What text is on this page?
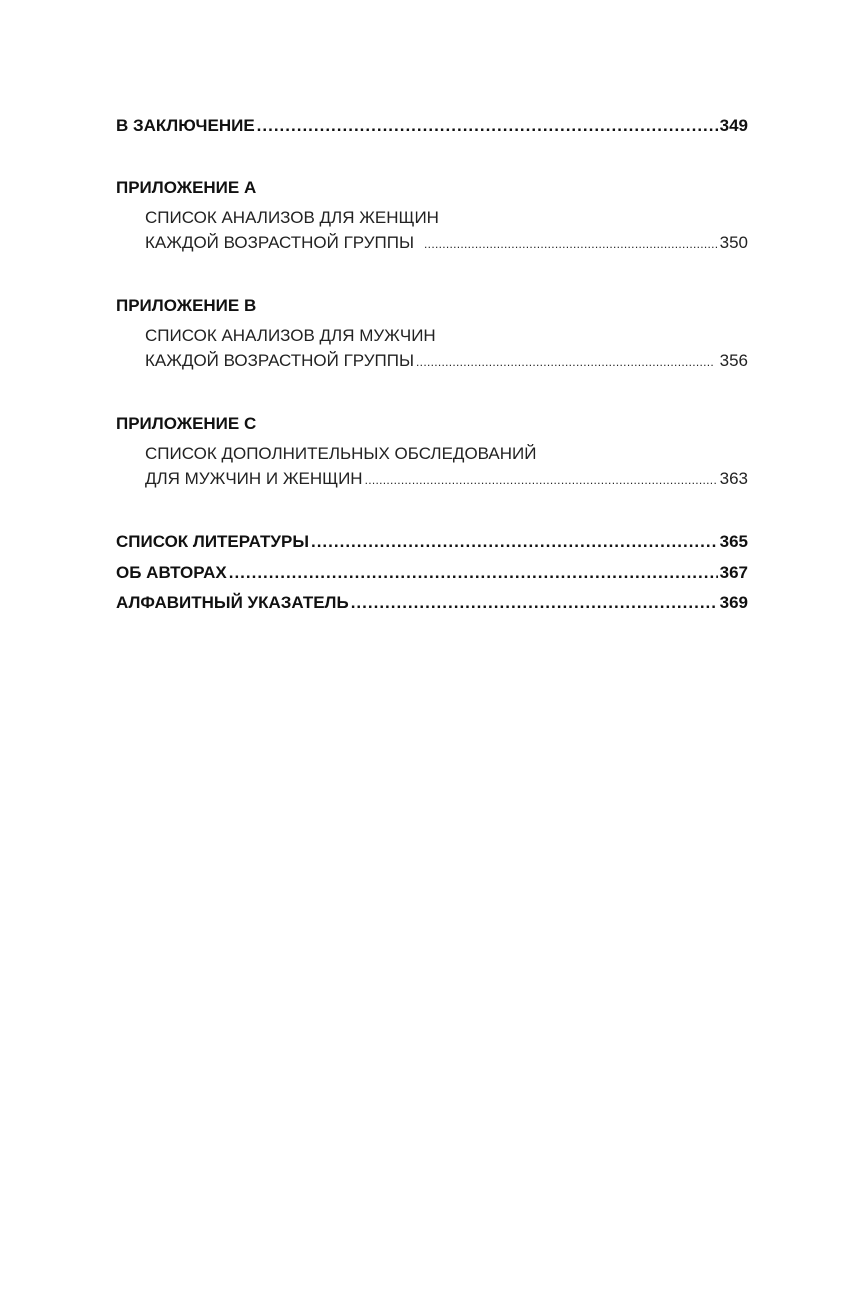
В ЗАКЛЮЧЕНИЕ .....	349
ПРИЛОЖЕНИЕ А
СПИСОК АНАЛИЗОВ ДЛЯ ЖЕНЩИН
КАЖДОЙ ВОЗРАСТНОЙ ГРУППЫ .....	350
ПРИЛОЖЕНИЕ В
СПИСОК АНАЛИЗОВ ДЛЯ МУЖЧИН
КАЖДОЙ ВОЗРАСТНОЙ ГРУППЫ .....	356
ПРИЛОЖЕНИЕ С
СПИСОК ДОПОЛНИТЕЛЬНЫХ ОБСЛЕДОВАНИЙ
ДЛЯ МУЖЧИН И ЖЕНЩИН .....	363
СПИСОК ЛИТЕРАТУРЫ .....	365
ОБ АВТОРАХ .....	367
АЛФАВИТНЫЙ УКАЗАТЕЛЬ .....	369
